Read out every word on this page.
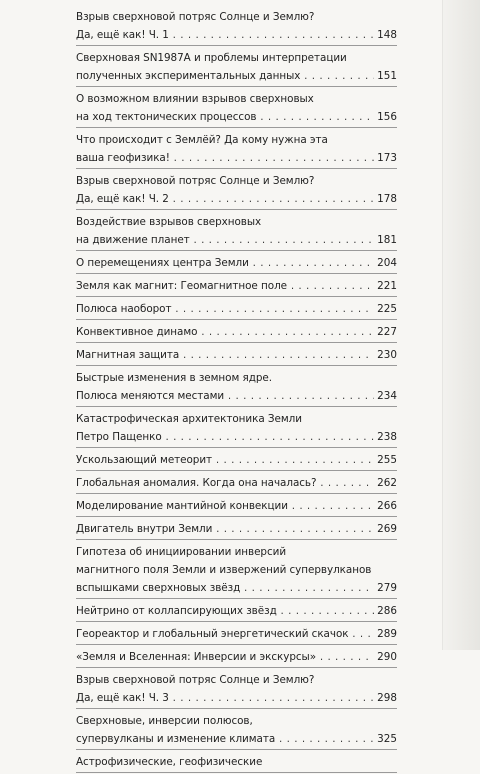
Взрыв сверхновой потряс Солнце и Землю?
Да, ещё как! Ч. 1 . . .	148
Сверхновая SN1987A и проблемы интерпретации
полученных экспериментальных данных . . .	151
О возможном влиянии взрывов сверхновых
на ход тектонических процессов . . .	156
Что происходит с Землёй? Да кому нужна эта
ваша геофизика! . . .	173
Взрыв сверхновой потряс Солнце и Землю?
Да, ещё как! Ч. 2 . . .	178
Воздействие взрывов сверхновых
на движение планет . . .	181
О перемещениях центра Земли . . .	204
Земля как магнит: Геомагнитное поле . . .	221
Полюса наоборот . . .	225
Конвективное динамо . . .	227
Магнитная защита . . .	230
Быстрые изменения в земном ядре.
Полюса меняются местами . . .	234
Катастрофическая архитектоника Земли
Петро Пащенко . . .	238
Ускользающий метеорит . . .	255
Глобальная аномалия. Когда она началась? . . .	262
Моделирование мантийной конвекции . . .	266
Двигатель внутри Земли . . .	269
Гипотеза об инициировании инверсий
магнитного поля Земли и извержений супервулканов
вспышками сверхновых звёзд . . .	279
Нейтрино от коллапсирующих звёзд . . .	286
Георeактор и глобальный энергетический скачок . . .	289
«Земля и Вселенная: Инверсии и экскурсы» . . .	290
Взрыв сверхновой потряс Солнце и Землю?
Да, ещё как! Ч. 3 . . .	298
Сверхновые, инверсии полюсов,
супервулканы и изменение климата . . .	325
Астрофизические, геофизические
